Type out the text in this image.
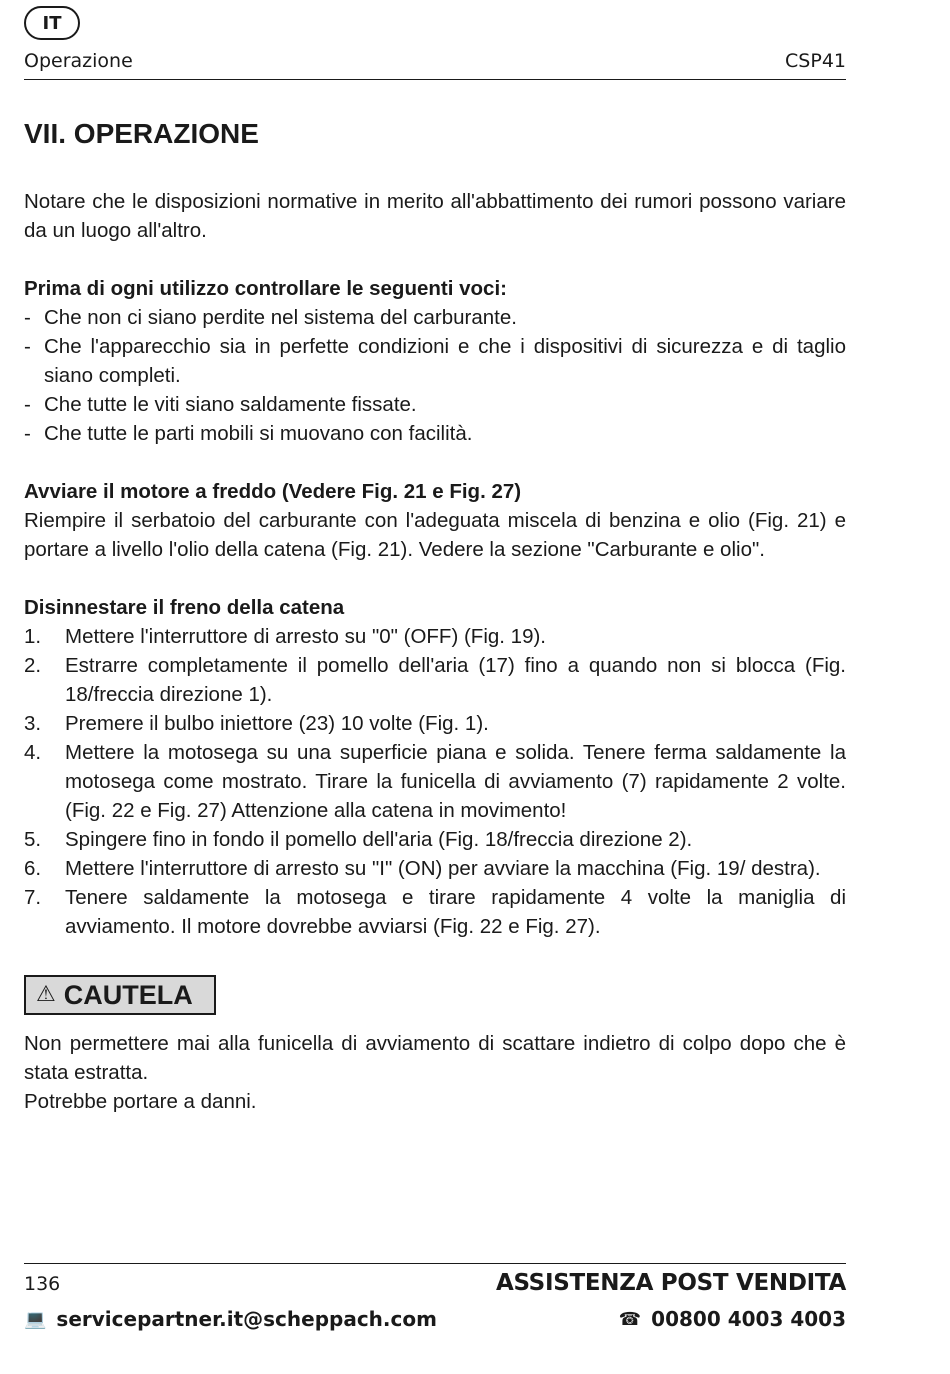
IT
Operazione	CSP41
VII. OPERAZIONE

Notare che le disposizioni normative in merito all'abbattimento dei rumori possono variare da un luogo all'altro.

Prima di ogni utilizzo controllare le seguenti voci:

- Che non ci siano perdite nel sistema del carburante.
- Che l'apparecchio sia in perfette condizioni e che i dispositivi di sicurezza e di taglio siano completi.
- Che tutte le viti siano saldamente fissate.
- Che tutte le parti mobili si muovano con facilità.

Avviare il motore a freddo (Vedere Fig. 21 e Fig. 27)

Riempire il serbatoio del carburante con l'adeguata miscela di benzina e olio (Fig. 21) e portare a livello l'olio della catena (Fig. 21). Vedere la sezione "Carburante e olio".

Disinnestare il freno della catena

1. Mettere l'interruttore di arresto su "0" (OFF) (Fig. 19).
2. Estrarre completamente il pomello dell'aria (17) fino a quando non si blocca (Fig. 18/freccia direzione 1).
3. Premere il bulbo iniettore (23) 10 volte (Fig. 1).
4. Mettere la motosega su una superficie piana e solida. Tenere ferma saldamente la motosega come mostrato. Tirare la funicella di avviamento (7) rapidamente 2 volte. (Fig. 22 e Fig. 27) Attenzione alla catena in movimento!
5. Spingere fino in fondo il pomello dell'aria (Fig. 18/freccia direzione 2).
6. Mettere l'interruttore di arresto su "I" (ON) per avviare la macchina (Fig. 19/ destra).
7. Tenere saldamente la motosega e tirare rapidamente 4 volte la maniglia di avviamento. Il motore dovrebbe avviarsi (Fig. 22 e Fig. 27).
⚠ CAUTELA

Non permettere mai alla funicella di avviamento di scattare indietro di colpo dopo che è stata estratta.

Potrebbe portare a danni.

136	ASSISTENZA POST VENDITA
💻 servicepartner.it@scheppach.com	☎ 00800 4003 4003
